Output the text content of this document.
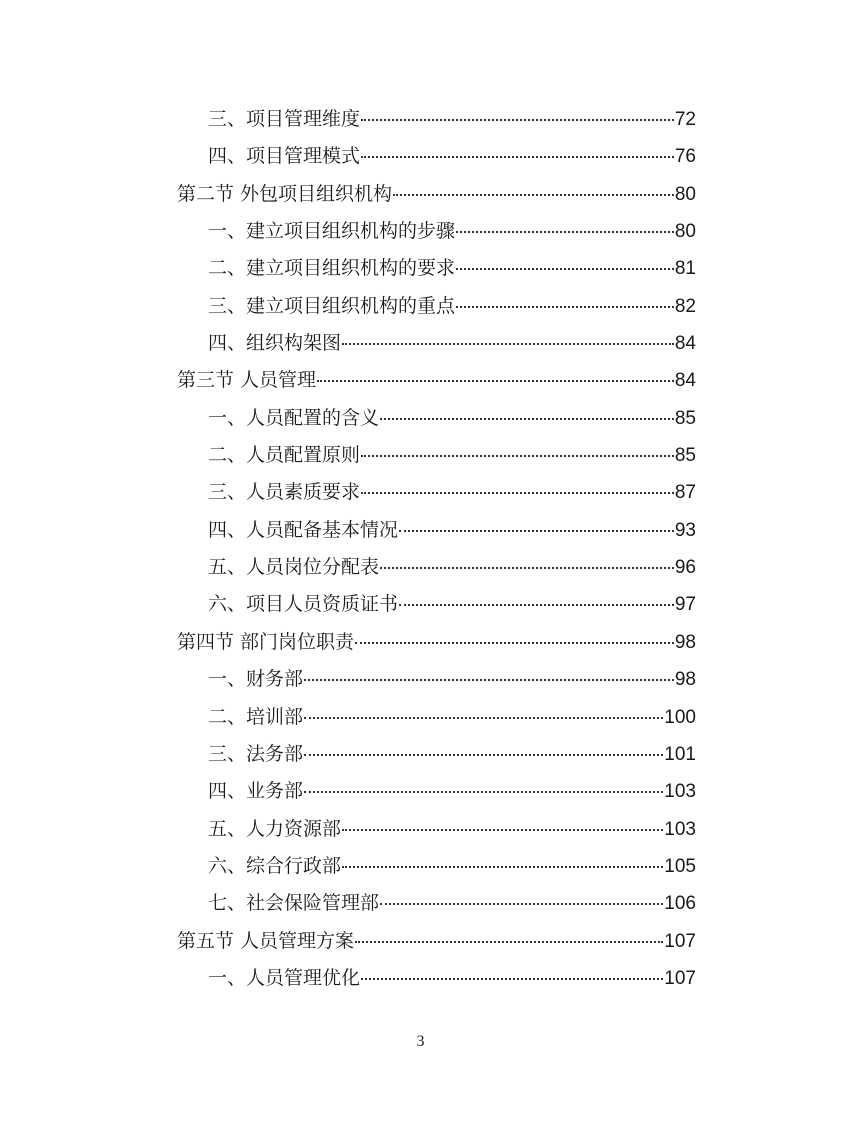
三、项目管理维度	72
四、项目管理模式	76
第二节 外包项目组织机构	80
一、建立项目组织机构的步骤	80
二、建立项目组织机构的要求	81
三、建立项目组织机构的重点	82
四、组织构架图	84
第三节 人员管理	84
一、人员配置的含义	85
二、人员配置原则	85
三、人员素质要求	87
四、人员配备基本情况	93
五、人员岗位分配表	96
六、项目人员资质证书	97
第四节 部门岗位职责	98
一、财务部	98
二、培训部	100
三、法务部	101
四、业务部	103
五、人力资源部	103
六、综合行政部	105
七、社会保险管理部	106
第五节 人员管理方案	107
一、人员管理优化	107
3
